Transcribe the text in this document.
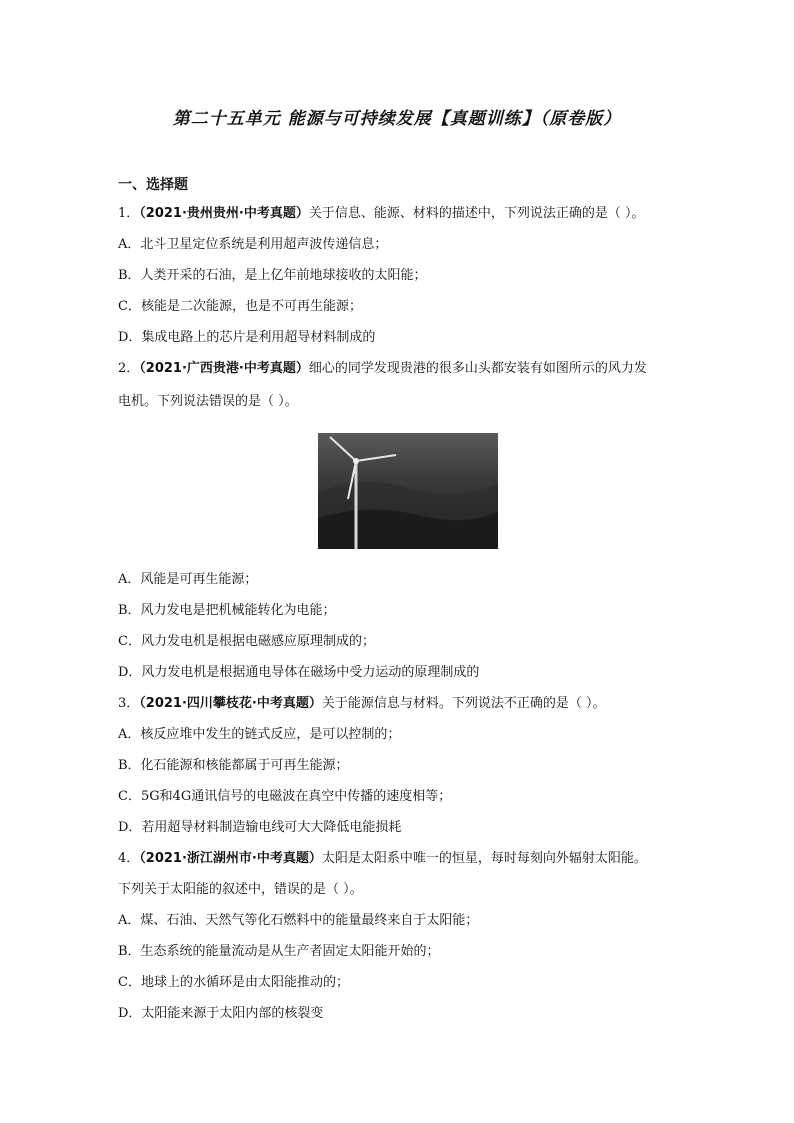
第二十五单元 能源与可持续发展【真题训练】（原卷版）
一、选择题
1．（2021·贵州贵州·中考真题）关于信息、能源、材料的描述中，下列说法正确的是（ ）。
A．北斗卫星定位系统是利用超声波传递信息；
B．人类开采的石油，是上亿年前地球接收的太阳能；
C．核能是二次能源，也是不可再生能源；
D．集成电路上的芯片是利用超导材料制成的
2．（2021·广西贵港·中考真题）细心的同学发现贵港的很多山头都安装有如图所示的风力发
电机。下列说法错误的是（ ）。
A．风能是可再生能源；
B．风力发电是把机械能转化为电能；
C．风力发电机是根据电磁感应原理制成的；
D．风力发电机是根据通电导体在磁场中受力运动的原理制成的
3．（2021·四川攀枝花·中考真题）关于能源信息与材料。下列说法不正确的是（ ）。
A．核反应堆中发生的链式反应，是可以控制的；
B．化石能源和核能都属于可再生能源；
C．5G和4G通讯信号的电磁波在真空中传播的速度相等；
D．若用超导材料制造输电线可大大降低电能损耗
4．（2021·浙江湖州市·中考真题）太阳是太阳系中唯一的恒星，每时每刻向外辐射太阳能。
下列关于太阳能的叙述中，错误的是（ ）。
A．煤、石油、天然气等化石燃料中的能量最终来自于太阳能；
B．生态系统的能量流动是从生产者固定太阳能开始的；
C．地球上的水循环是由太阳能推动的；
D．太阳能来源于太阳内部的核裂变
